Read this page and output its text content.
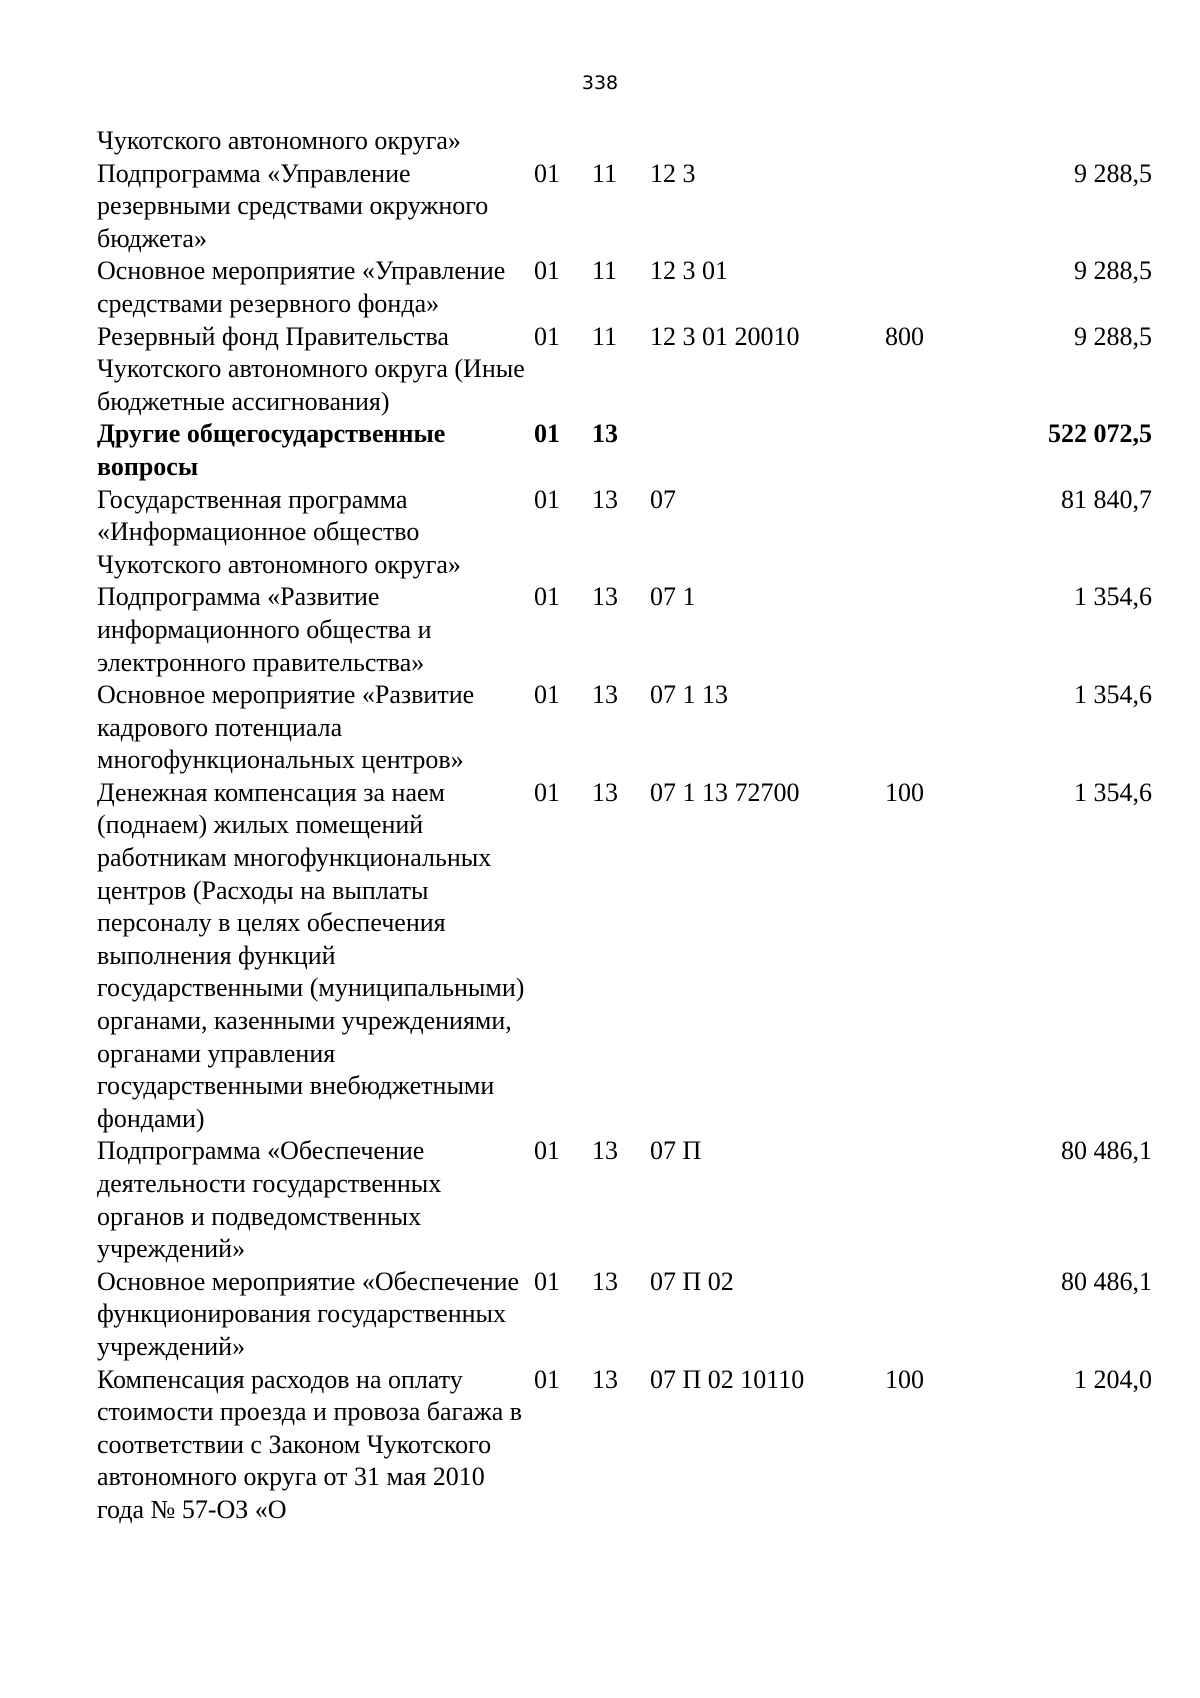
338
Чукотского автономного округа»					
Подпрограмма «Управление резервными средствами окружного бюджета»	01	11	12 3		9 288,5
Основное мероприятие «Управление средствами резервного фонда»	01	11	12 3 01		9 288,5
Резервный фонд Правительства Чукотского автономного округа (Иные бюджетные ассигнования)	01	11	12 3 01 20010	800	9 288,5
Другие общегосударственные вопросы	01	13			522 072,5
Государственная программа «Информационное общество Чукотского автономного округа»	01	13	07		81 840,7
Подпрограмма «Развитие информационного общества и электронного правительства»	01	13	07 1		1 354,6
Основное мероприятие «Развитие кадрового потенциала многофункциональных центров»	01	13	07 1 13		1 354,6
Денежная компенсация за наем (поднаем) жилых помещений работникам многофункциональных центров (Расходы на выплаты персоналу в целях обеспечения выполнения функций государственными (муниципальными) органами, казенными учреждениями, органами управления государственными внебюджетными фондами)	01	13	07 1 13 72700	100	1 354,6
Подпрограмма «Обеспечение деятельности государственных органов и подведомственных учреждений»	01	13	07 П		80 486,1
Основное мероприятие «Обеспечение функционирования государственных учреждений»	01	13	07 П 02		80 486,1
Компенсация расходов на оплату стоимости проезда и провоза багажа в соответствии с Законом Чукотского автономного округа от 31 мая 2010 года № 57-ОЗ «О	01	13	07 П 02 10110	100	1 204,0
